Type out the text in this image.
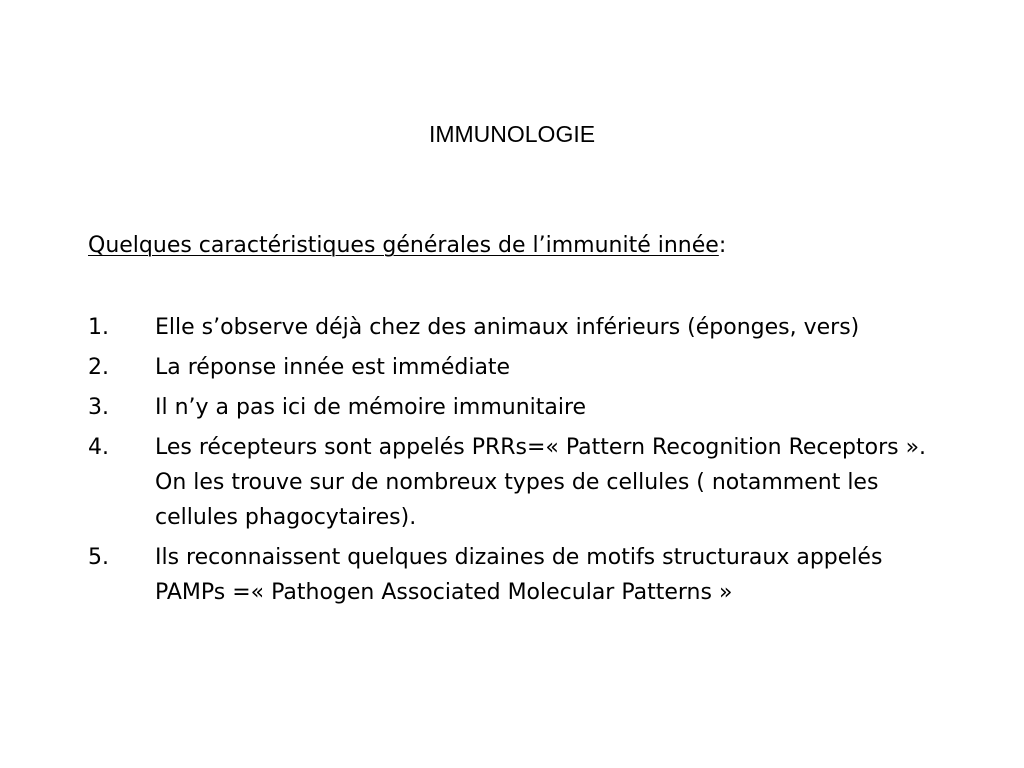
IMMUNOLOGIE
Quelques caractéristiques générales de l’immunité innée:
1.	Elle s’observe déjà chez des animaux inférieurs (éponges, vers)
2.	La réponse innée est immédiate
3.	Il n’y a pas ici de mémoire immunitaire
4.	Les récepteurs sont appelés PRRs=« Pattern Recognition Receptors ». On les trouve sur de nombreux types de cellules ( notamment les cellules phagocytaires).
5.	Ils reconnaissent quelques dizaines de motifs structuraux appelés PAMPs =« Pathogen Associated Molecular Patterns »
